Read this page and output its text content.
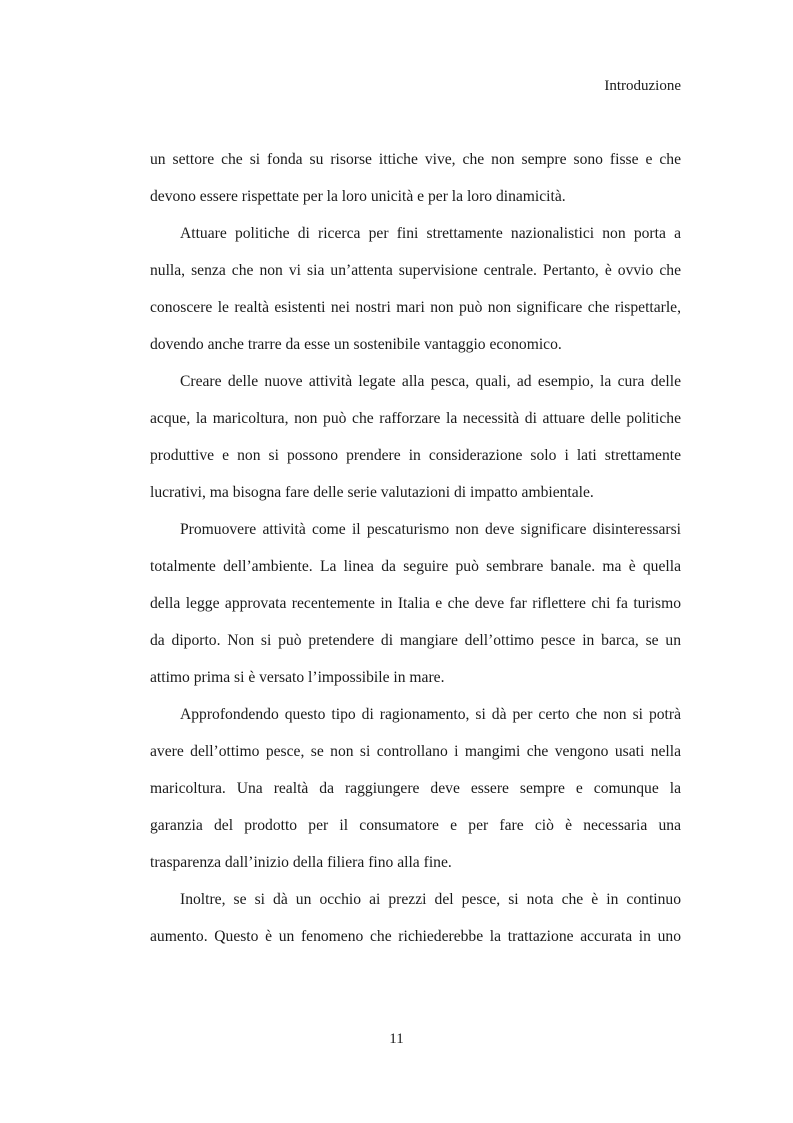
Introduzione
un settore che si fonda su risorse ittiche vive, che non sempre sono fisse e che
devono essere rispettate per la loro unicità e per la loro dinamicità.
Attuare politiche di ricerca per fini strettamente nazionalistici non porta a
nulla, senza che non vi sia un’attenta supervisione centrale. Pertanto, è ovvio che
conoscere le realtà esistenti nei nostri mari non può non significare che rispettarle,
dovendo anche trarre da esse un sostenibile vantaggio economico.
Creare delle nuove attività legate alla pesca, quali, ad esempio, la cura delle
acque, la maricoltura, non può che rafforzare la necessità di attuare delle politiche
produttive e non si possono prendere in considerazione solo i lati strettamente
lucrativi, ma bisogna fare delle serie valutazioni di impatto ambientale.
Promuovere attività come il pescaturismo non deve significare disinteressarsi
totalmente dell’ambiente. La linea da seguire può sembrare banale. ma è quella
della legge approvata recentemente in Italia e che deve far riflettere chi fa turismo
da diporto. Non si può pretendere di mangiare dell’ottimo pesce in barca, se un
attimo prima si è versato l’impossibile in mare.
Approfondendo questo tipo di ragionamento, si dà per certo che non si potrà
avere dell’ottimo pesce, se non si controllano i mangimi che vengono usati nella
maricoltura. Una realtà da raggiungere deve essere sempre e comunque la
garanzia del prodotto per il consumatore e per fare ciò è necessaria una
trasparenza dall’inizio della filiera fino alla fine.
Inoltre, se si dà un occhio ai prezzi del pesce, si nota che è in continuo
aumento. Questo è un fenomeno che richiederebbe la trattazione accurata in uno
11
